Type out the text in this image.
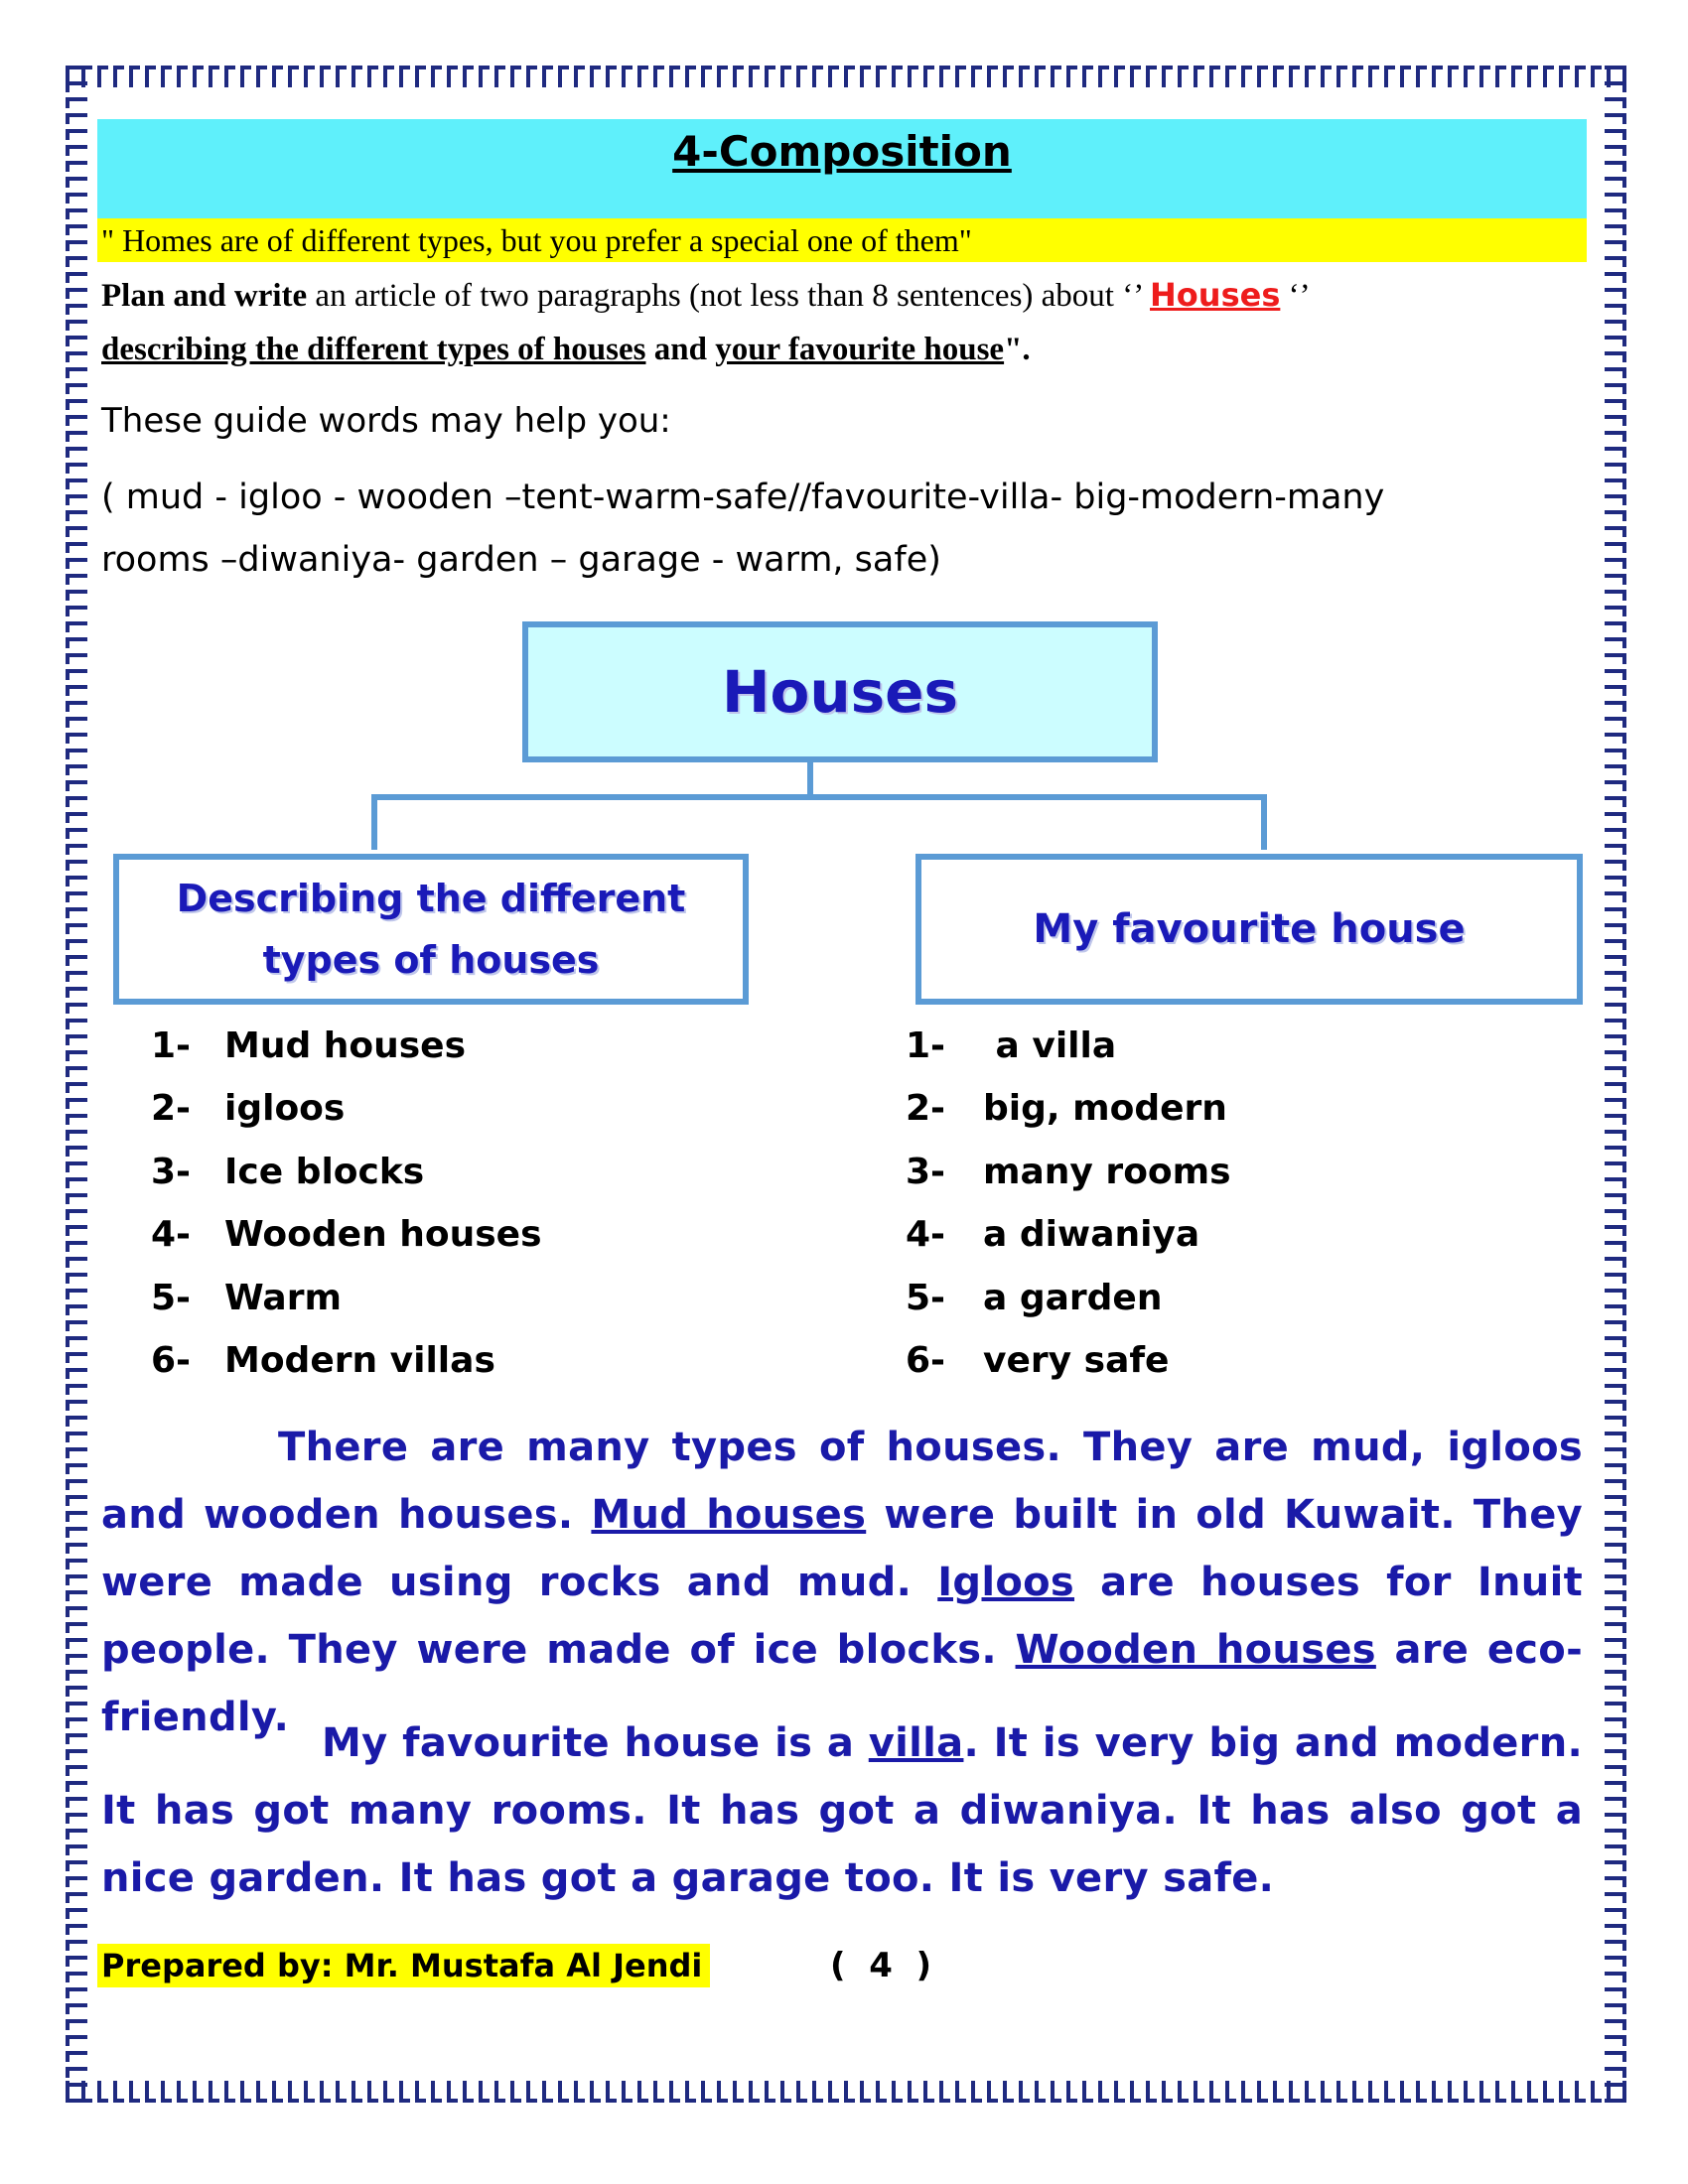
4-Composition
" Homes are of different types, but you prefer a special one of them"
Plan and write an article of two paragraphs (not less than 8 sentences) about ‘’ Houses ‘’
describing the different types of houses and your favourite house".
These guide words may help you:
( mud - igloo - wooden –tent-warm-safe//favourite-villa- big-modern-many
rooms –diwaniya- garden – garage - warm, safe)
Houses
Describing the different types of houses
My favourite house
1- Mud houses
2- igloos
3- Ice blocks
4- Wooden houses
5- Warm
6- Modern villas
1-	a villa
2-	big, modern
3-	many rooms
4-	a diwaniya
5-	a garden
6-	very safe
There are many types of houses. They are mud, igloos and wooden houses. Mud houses were built in old Kuwait. They were made using rocks and mud. Igloos are houses for Inuit people. They were made of ice blocks. Wooden houses are eco-friendly.
My favourite house is a villa. It is very big and modern. It has got many rooms. It has got a diwaniya. It has also got a nice garden. It has got a garage too. It is very safe.
Prepared by: Mr. Mustafa Al Jendi	(  4  )
